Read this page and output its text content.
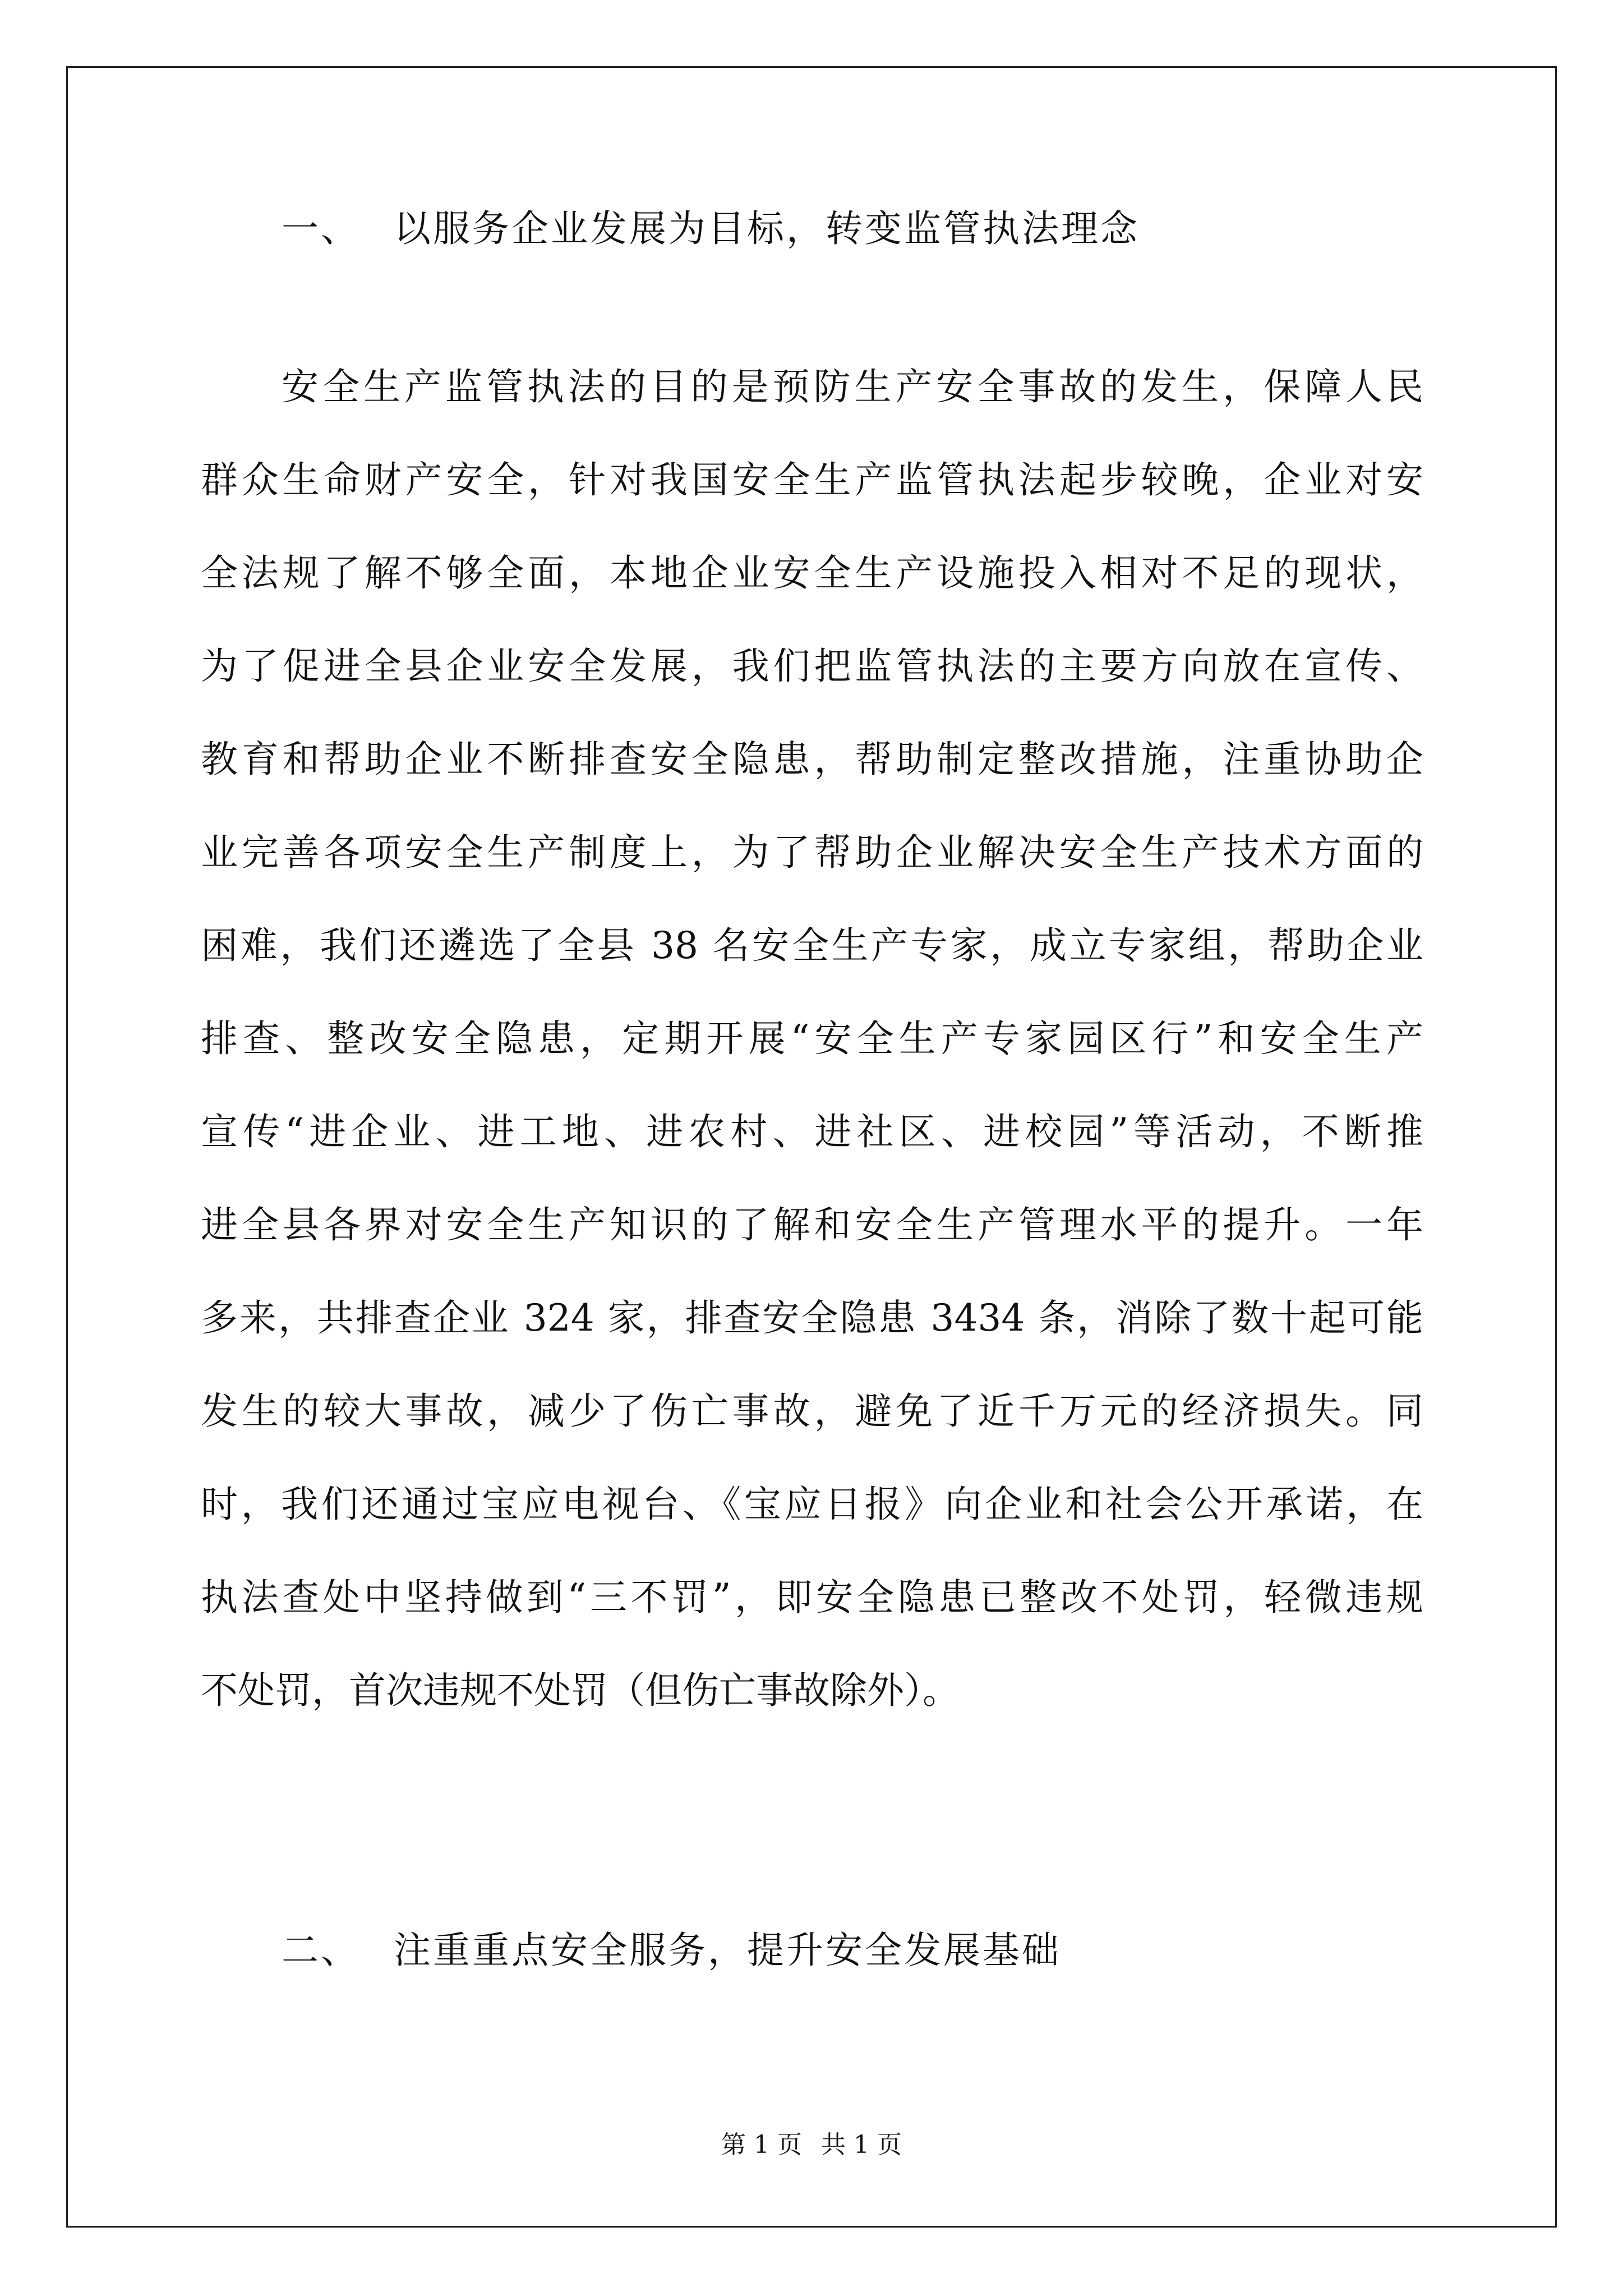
一、 以服务企业发展为目标，转变监管执法理念
安全生产监管执法的目的是预防生产安全事故的发生，保障人民
群众生命财产安全，针对我国安全生产监管执法起步较晚，企业对安
全法规了解不够全面，本地企业安全生产设施投入相对不足的现状，
为了促进全县企业安全发展，我们把监管执法的主要方向放在宣传、
教育和帮助企业不断排查安全隐患，帮助制定整改措施，注重协助企
业完善各项安全生产制度上，为了帮助企业解决安全生产技术方面的
困难，我们还遴选了全县 38 名安全生产专家，成立专家组，帮助企业
排查、整改安全隐患，定期开展“安全生产专家园区行”和安全生产
宣传“进企业、进工地、进农村、进社区、进校园”等活动，不断推
进全县各界对安全生产知识的了解和安全生产管理水平的提升。一年
多来，共排查企业 324 家，排查安全隐患 3434 条，消除了数十起可能
发生的较大事故，减少了伤亡事故，避免了近千万元的经济损失。同
时，我们还通过宝应电视台、《宝应日报》向企业和社会公开承诺，在
执法查处中坚持做到“三不罚”，即安全隐患已整改不处罚，轻微违规
不处罚，首次违规不处罚（但伤亡事故除外）。
二、 注重重点安全服务，提升安全发展基础
第 1 页 共 1 页
